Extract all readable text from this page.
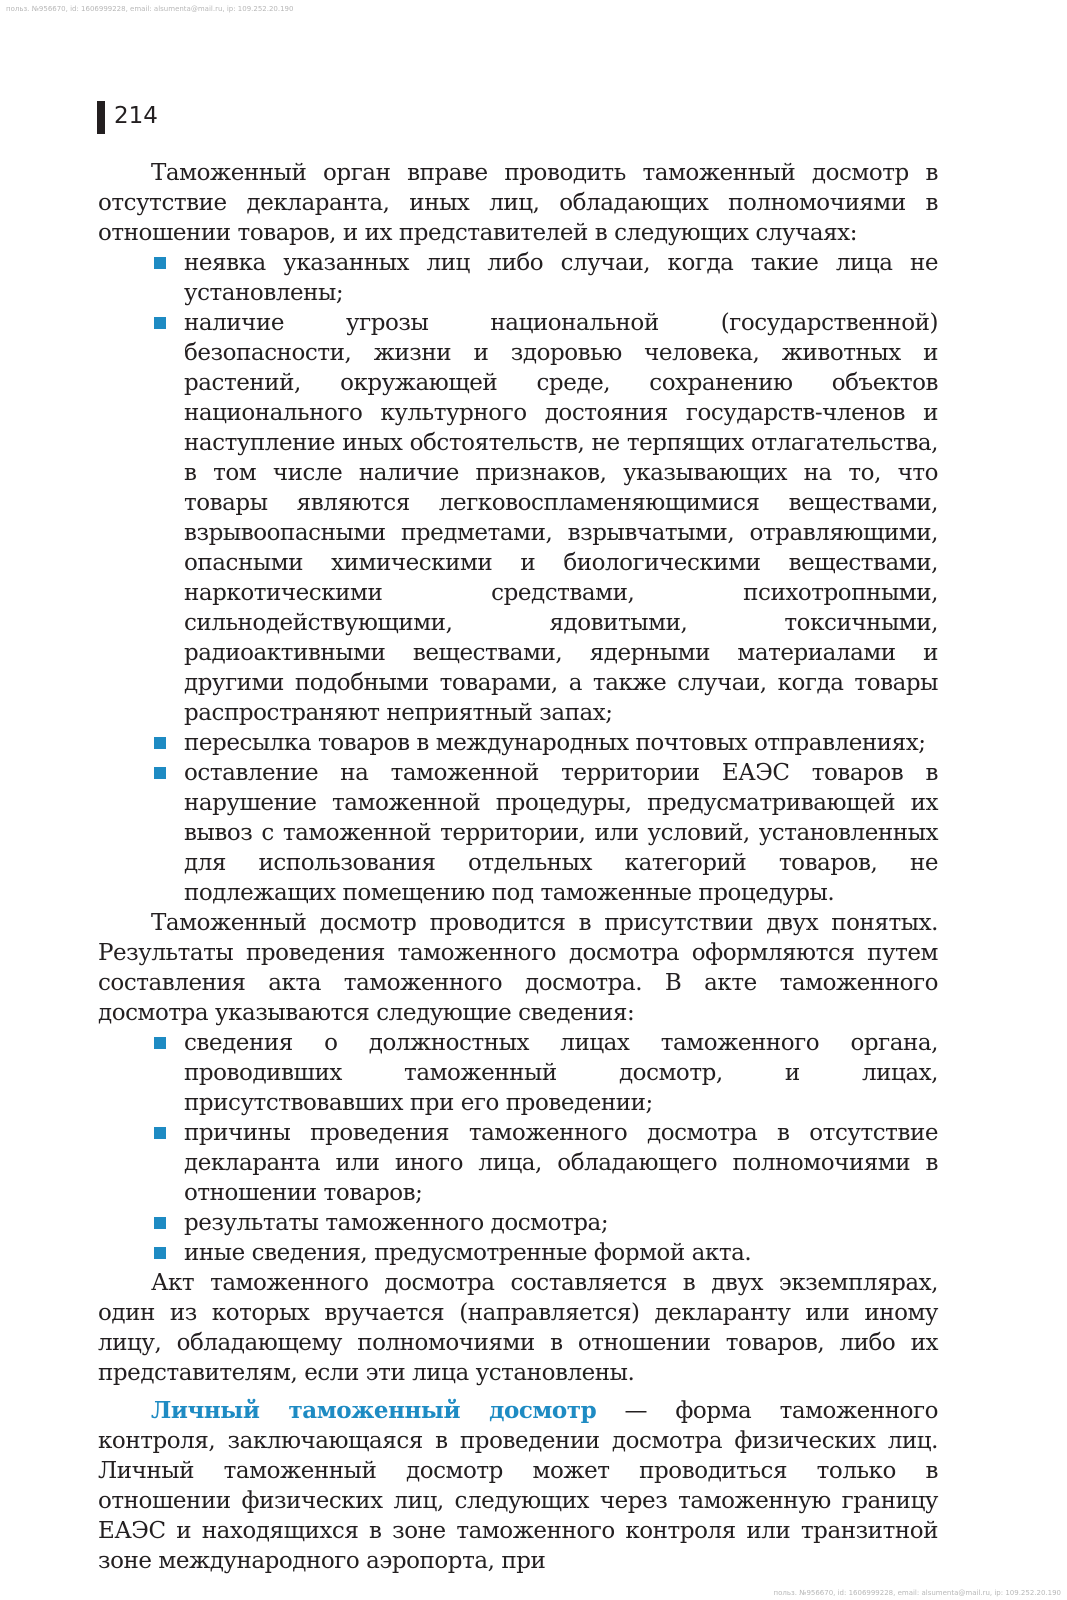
польз. №956670, id: 1606999228, email: alsumenta@mail.ru, ip: 109.252.20.190
214

Таможенный орган вправе проводить таможенный досмотр в отсутствие декларанта, иных лиц, обладающих полномочиями в отношении товаров, и их представителей в следующих случаях:

неявка указанных лиц либо случаи, когда такие лица не установлены;
наличие угрозы национальной (государственной) безопасности, жизни и здоровью человека, животных и растений, окружающей среде, сохранению объектов национального культурного достояния государств-членов и наступление иных обстоятельств, не терпящих отлагательства, в том числе наличие признаков, указывающих на то, что товары являются легковоспламеняющимися веществами, взрывоопасными предметами, взрывчатыми, отравляющими, опасными химическими и биологическими веществами, наркотическими средствами, психотропными, сильнодействующими, ядовитыми, токсичными, радиоактивными веществами, ядерными материалами и другими подобными товарами, а также случаи, когда товары распространяют неприятный запах;
пересылка товаров в международных почтовых отправлениях;
оставление на таможенной территории ЕАЭС товаров в нарушение таможенной процедуры, предусматривающей их вывоз с таможенной территории, или условий, установленных для использования отдельных категорий товаров, не подлежащих помещению под таможенные процедуры.

Таможенный досмотр проводится в присутствии двух понятых. Результаты проведения таможенного досмотра оформляются путем составления акта таможенного досмотра. В акте таможенного досмотра указываются следующие сведения:

сведения о должностных лицах таможенного органа, проводивших таможенный досмотр, и лицах, присутствовавших при его проведении;
причины проведения таможенного досмотра в отсутствие декларанта или иного лица, обладающего полномочиями в отношении товаров;
результаты таможенного досмотра;
иные сведения, предусмотренные формой акта.

Акт таможенного досмотра составляется в двух экземплярах, один из которых вручается (направляется) декларанту или иному лицу, обладающему полномочиями в отношении товаров, либо их представителям, если эти лица установлены.

Личный таможенный досмотр — форма таможенного контроля, заключающаяся в проведении досмотра физических лиц. Личный таможенный досмотр может проводиться только в отношении физических лиц, следующих через таможенную границу ЕАЭС и находящихся в зоне таможенного контроля или транзитной зоне международного аэропорта, при

польз. №956670, id: 1606999228, email: alsumenta@mail.ru, ip: 109.252.20.190
